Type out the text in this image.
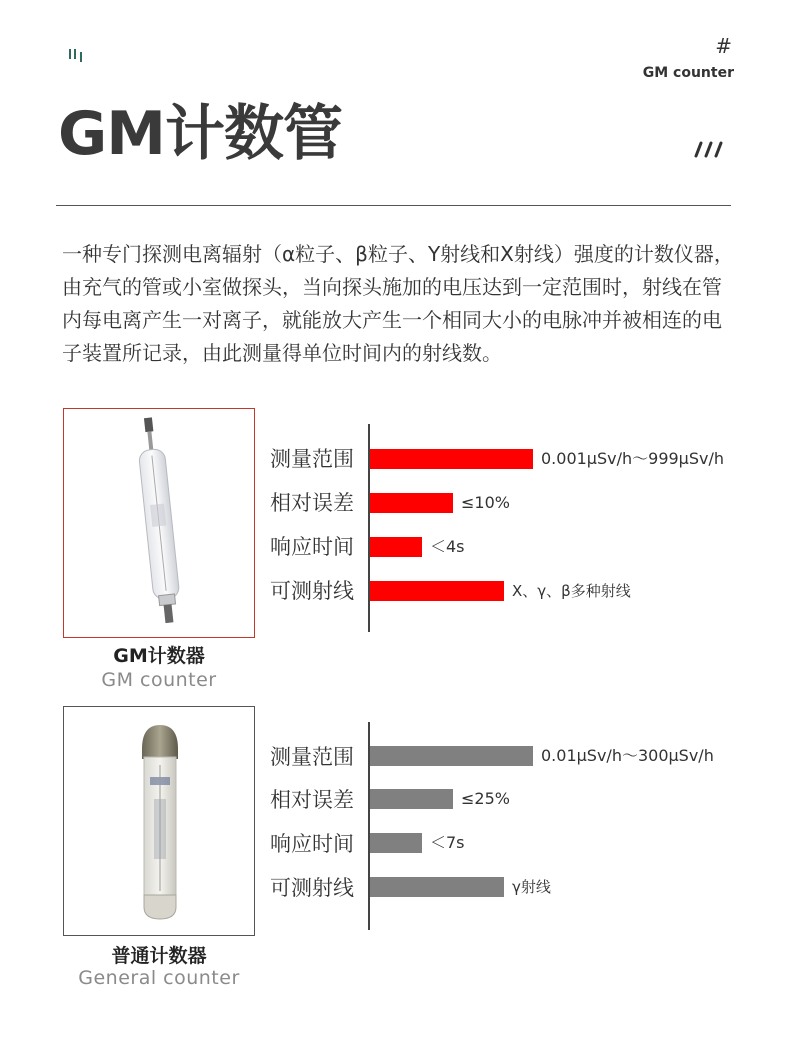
#
GM counter
GM计数管
一种专门探测电离辐射（α粒子、β粒子、Y射线和X射线）强度的计数仪器，由充气的管或小室做探头，当向探头施加的电压达到一定范围时，射线在管内每电离产生一对离子，就能放大产生一个相同大小的电脉冲并被相连的电子装置所记录，由此测量得单位时间内的射线数。
GM计数器
GM counter
测量范围
相对误差
响应时间
可测射线
0.001μSv/h～999μSv/h
≤10%
＜4s
X、γ、β多种射线
普通计数器
General counter
测量范围
相对误差
响应时间
可测射线
0.01μSv/h～300μSv/h
≤25%
＜7s
γ射线
